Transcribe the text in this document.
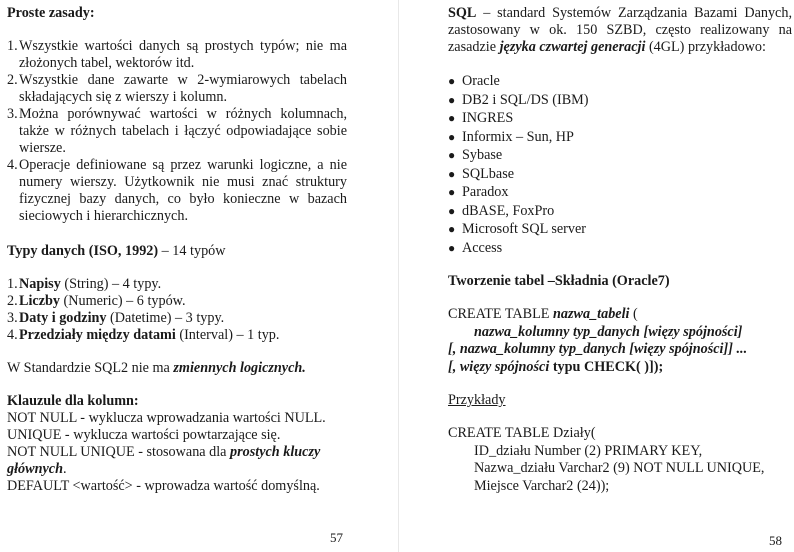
Proste zasady:
1. Wszystkie wartości danych są prostych typów; nie ma złożonych tabel, wektorów itd.
2. Wszystkie dane zawarte w 2-wymiarowych tabelach składających się z wierszy i kolumn.
3. Można porównywać wartości w różnych kolumnach, także w różnych tabelach i łączyć odpowiadające sobie wiersze.
4. Operacje definiowane są przez warunki logiczne, a nie numery wierszy. Użytkownik nie musi znać struktury fizycznej bazy danych, co było konieczne w bazach sieciowych i hierarchicznych.
Typy danych (ISO, 1992) – 14 typów
1. Napisy (String) – 4 typy.
2. Liczby (Numeric) – 6 typów.
3. Daty i godziny (Datetime) – 3 typy.
4. Przedziały między datami (Interval) – 1 typ.
W Standardzie SQL2 nie ma zmiennych logicznych.
Klauzule dla kolumn:
NOT NULL - wyklucza wprowadzania wartości NULL.
UNIQUE - wyklucza wartości powtarzające się.
NOT NULL UNIQUE - stosowana dla prostych kluczy głównych.
DEFAULT <wartość> - wprowadza wartość domyślną.
57
SQL – standard Systemów Zarządzania Bazami Danych, zastosowany w ok. 150 SZBD, często realizowany na zasadzie języka czwartej generacji (4GL) przykładowo:
● Oracle
● DB2 i SQL/DS (IBM)
● INGRES
● Informix – Sun, HP
● Sybase
● SQLbase
● Paradox
● dBASE, FoxPro
● Microsoft SQL server
● Access
Tworzenie tabel –Składnia (Oracle7)
CREATE TABLE nazwa_tabeli (
nazwa_kolumny typ_danych [więzy spójności]
[, nazwa_kolumny typ_danych [więzy spójności]] ...
[, więzy spójności typu CHECK( )]);
Przykłady
CREATE TABLE Działy(
ID_działu Number (2) PRIMARY KEY,
Nazwa_działu Varchar2 (9) NOT NULL UNIQUE,
Miejsce Varchar2 (24));
58
